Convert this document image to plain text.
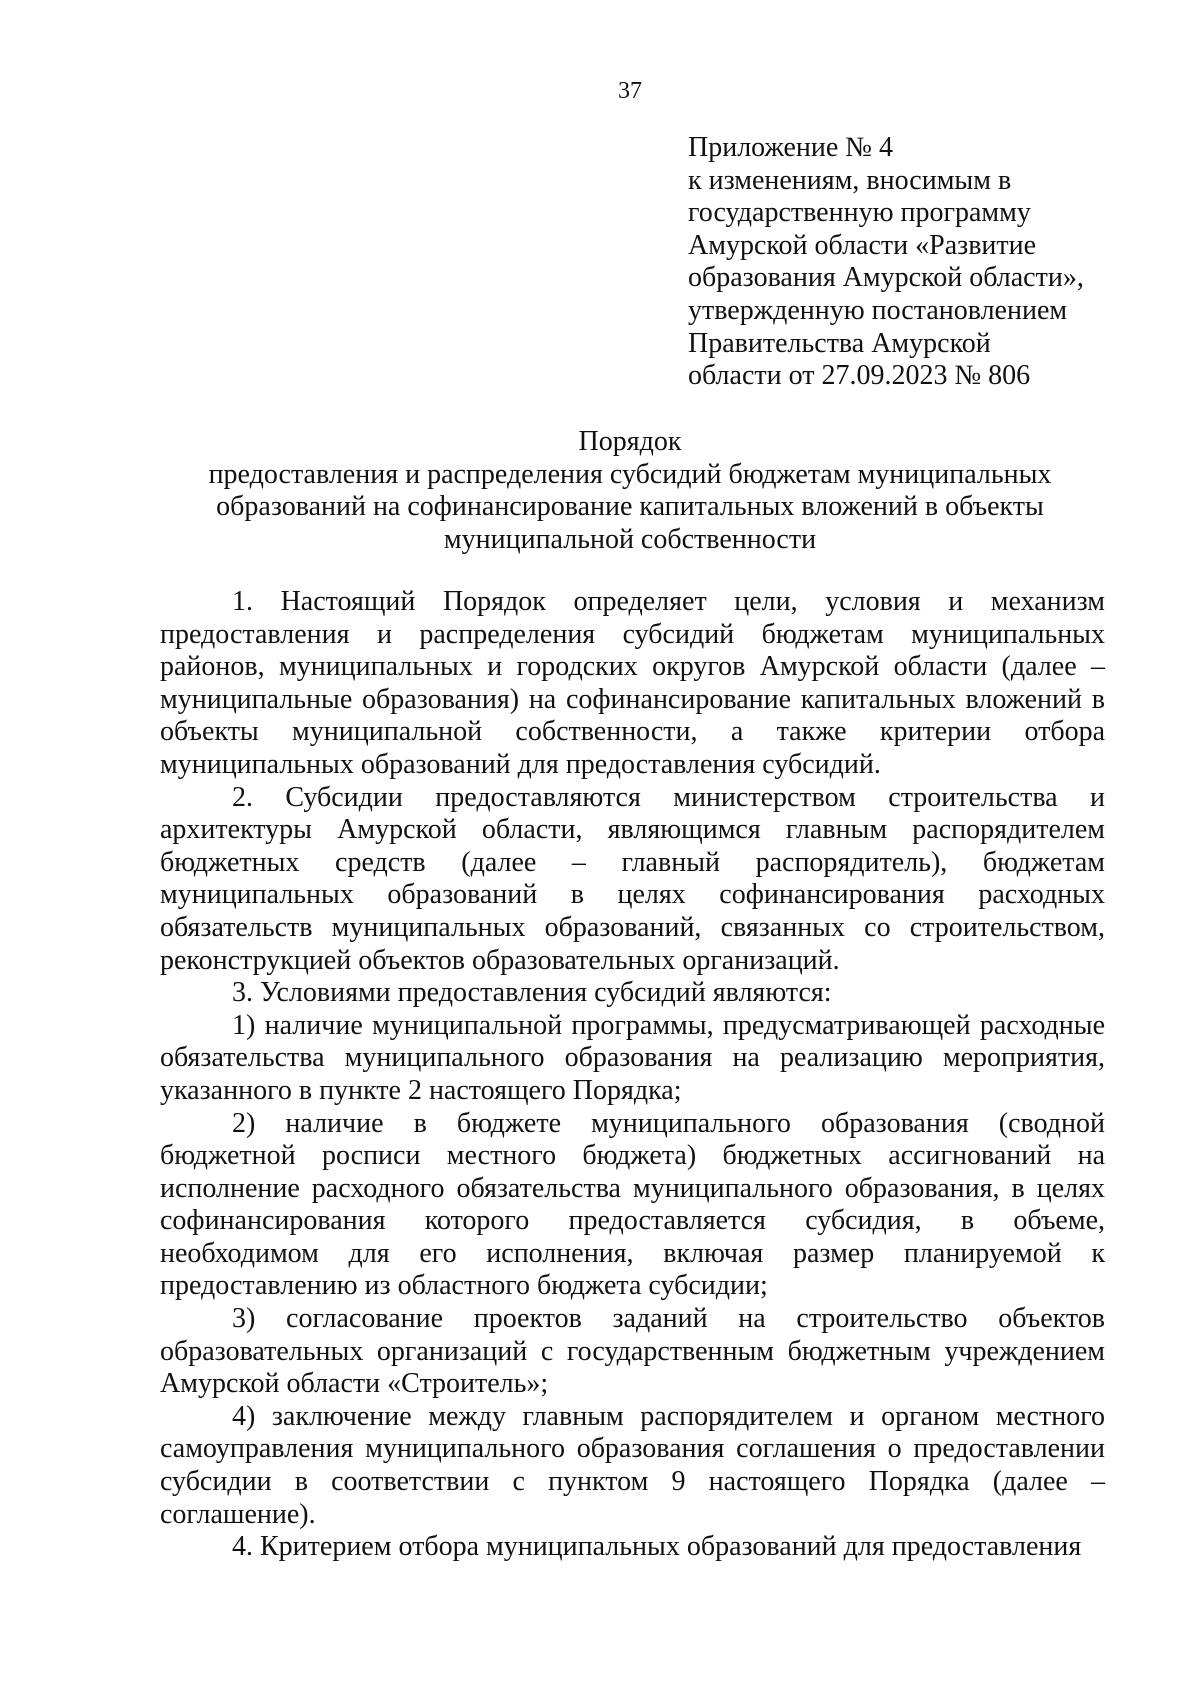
37
Приложение № 4
к изменениям, вносимым в
государственную программу
Амурской области «Развитие
образования Амурской области»,
утвержденную постановлением
Правительства Амурской
области от 27.09.2023 № 806
Порядок
предоставления и распределения субсидий бюджетам муниципальных
образований на софинансирование капитальных вложений в объекты
муниципальной собственности

1. Настоящий Порядок определяет цели, условия и механизм предоставления и распределения субсидий бюджетам муниципальных районов, муниципальных и городских округов Амурской области (далее – муниципальные образования) на софинансирование капитальных вложений в объекты муниципальной собственности, а также критерии отбора муниципальных образований для предоставления субсидий.

2. Субсидии предоставляются министерством строительства и архитектуры Амурской области, являющимся главным распорядителем бюджетных средств (далее – главный распорядитель), бюджетам муниципальных образований в целях софинансирования расходных обязательств муниципальных образований, связанных со строительством, реконструкцией объектов образовательных организаций.

3. Условиями предоставления субсидий являются:

1) наличие муниципальной программы, предусматривающей расходные обязательства муниципального образования на реализацию мероприятия, указанного в пункте 2 настоящего Порядка;

2) наличие в бюджете муниципального образования (сводной бюджетной росписи местного бюджета) бюджетных ассигнований на исполнение расходного обязательства муниципального образования, в целях софинансирования которого предоставляется субсидия, в объеме, необходимом для его исполнения, включая размер планируемой к предоставлению из областного бюджета субсидии;

3) согласование проектов заданий на строительство объектов образовательных организаций с государственным бюджетным учреждением Амурской области «Строитель»;

4) заключение между главным распорядителем и органом местного самоуправления муниципального образования соглашения о предоставлении субсидии в соответствии с пунктом 9 настоящего Порядка (далее – соглашение).

4. Критерием отбора муниципальных образований для предоставления
